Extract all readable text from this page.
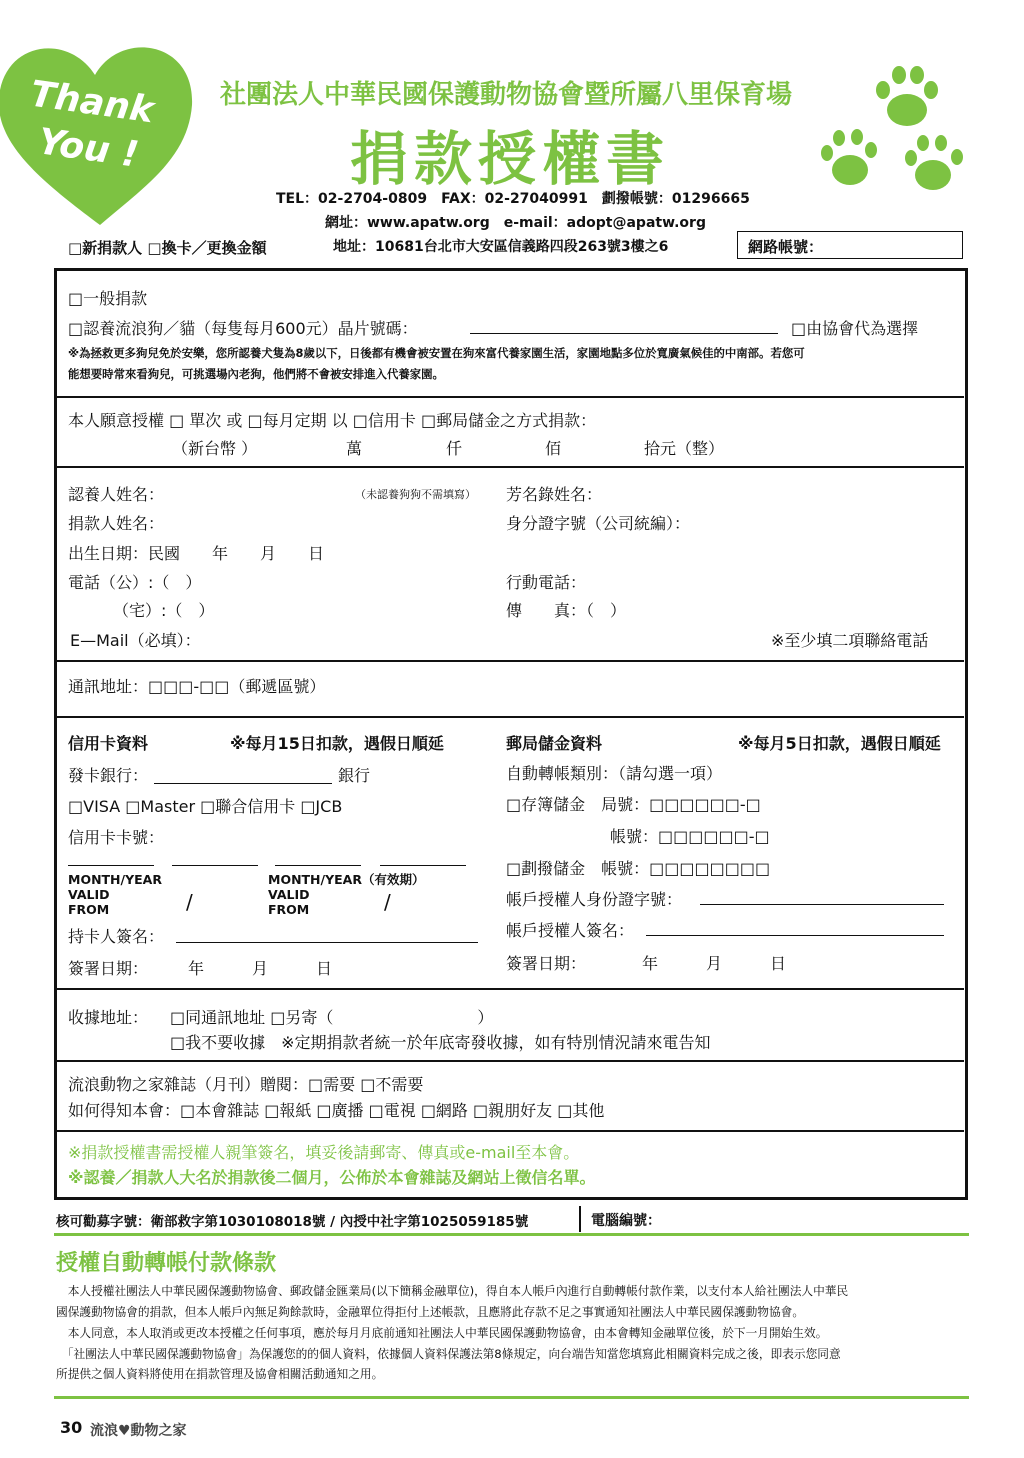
Thank
You !
社團法人中華民國保護動物協會暨所屬八里保育場
捐款授權書
TEL：02-2704-0809　FAX：02-27040991　劃撥帳號：01296665
網址：www.apatw.org　e-mail：adopt@apatw.org
地址：10681台北市大安區信義路四段263號3樓之6
□新捐款人 □換卡／更換金額	網路帳號：
□一般捐款
□認養流浪狗／貓（每隻每月600元）晶片號碼：	□由協會代為選擇
※為拯救更多狗兒免於安樂，您所認養犬隻為8歲以下，日後都有機會被安置在狗來富代養家園生活，家園地點多位於寬廣氣候佳的中南部。若您可
能想要時常來看狗兒，可挑選場內老狗，他們將不會被安排進入代養家園。
本人願意授權 □ 單次 或 □每月定期 以 □信用卡 □郵局儲金之方式捐款：
（新台幣 ）	萬	仟	佰	拾元（整）
認養人姓名：	（未認養狗狗不需填寫） 芳名錄姓名：
捐款人姓名：	身分證字號（公司統編）：
出生日期：民國　　年　　月　　日
電話（公）:（　）	行動電話：
（宅）:（　）	傳　　真：（　）
E—Mail（必填）：	※至少填二項聯絡電話
通訊地址：□□□-□□（郵遞區號）
信用卡資料	※每月15日扣款，遇假日順延
發卡銀行：	銀行
□VISA □Master □聯合信用卡 □JCB
信用卡卡號：
MONTH/YEAR
VALID
FROM	/
MONTH/YEAR（有效期）
VALID
FROM	/
持卡人簽名：
簽署日期：　　　年　　　月　　　日
郵局儲金資料	※每月5日扣款，遇假日順延
自動轉帳類別：（請勾選一項）
□存簿儲金　局號：□□□□□□-□
帳號：□□□□□□-□
□劃撥儲金　帳號：□□□□□□□□
帳戶授權人身份證字號：
帳戶授權人簽名：
簽署日期：　　　　年　　　月　　　日
收據地址： □同通訊地址 □另寄（　　　　　　　　　）
□我不要收據　※定期捐款者統一於年底寄發收據，如有特別情況請來電告知
流浪動物之家雜誌（月刊）贈閱：□需要 □不需要
如何得知本會：□本會雜誌 □報紙 □廣播 □電視 □網路 □親朋好友 □其他
※捐款授權書需授權人親筆簽名，填妥後請郵寄、傳真或e-mail至本會。
※認養／捐款人大名於捐款後二個月，公佈於本會雜誌及網站上徵信名單。
核可勸募字號：衛部救字第1030108018號 / 內授中社字第1025059185號	電腦編號：
授權自動轉帳付款條款
　本人授權社團法人中華民國保護動物協會、郵政儲金匯業局(以下簡稱金融單位)，得自本人帳戶內進行自動轉帳付款作業，以支付本人給社團法人中華民
國保護動物協會的捐款，但本人帳戶內無足夠餘款時，金融單位得拒付上述帳款，且應將此存款不足之事實通知社團法人中華民國保護動物協會。
　本人同意，本人取消或更改本授權之任何事項，應於每月月底前通知社團法人中華民國保護動物協會，由本會轉知金融單位後，於下一月開始生效。
　「社團法人中華民國保護動物協會」為保護您的的個人資料，依據個人資料保護法第8條規定，向台端告知當您填寫此相關資料完成之後，即表示您同意
所提供之個人資料將使用在捐款管理及協會相關活動通知之用。
30 流浪♥動物之家
